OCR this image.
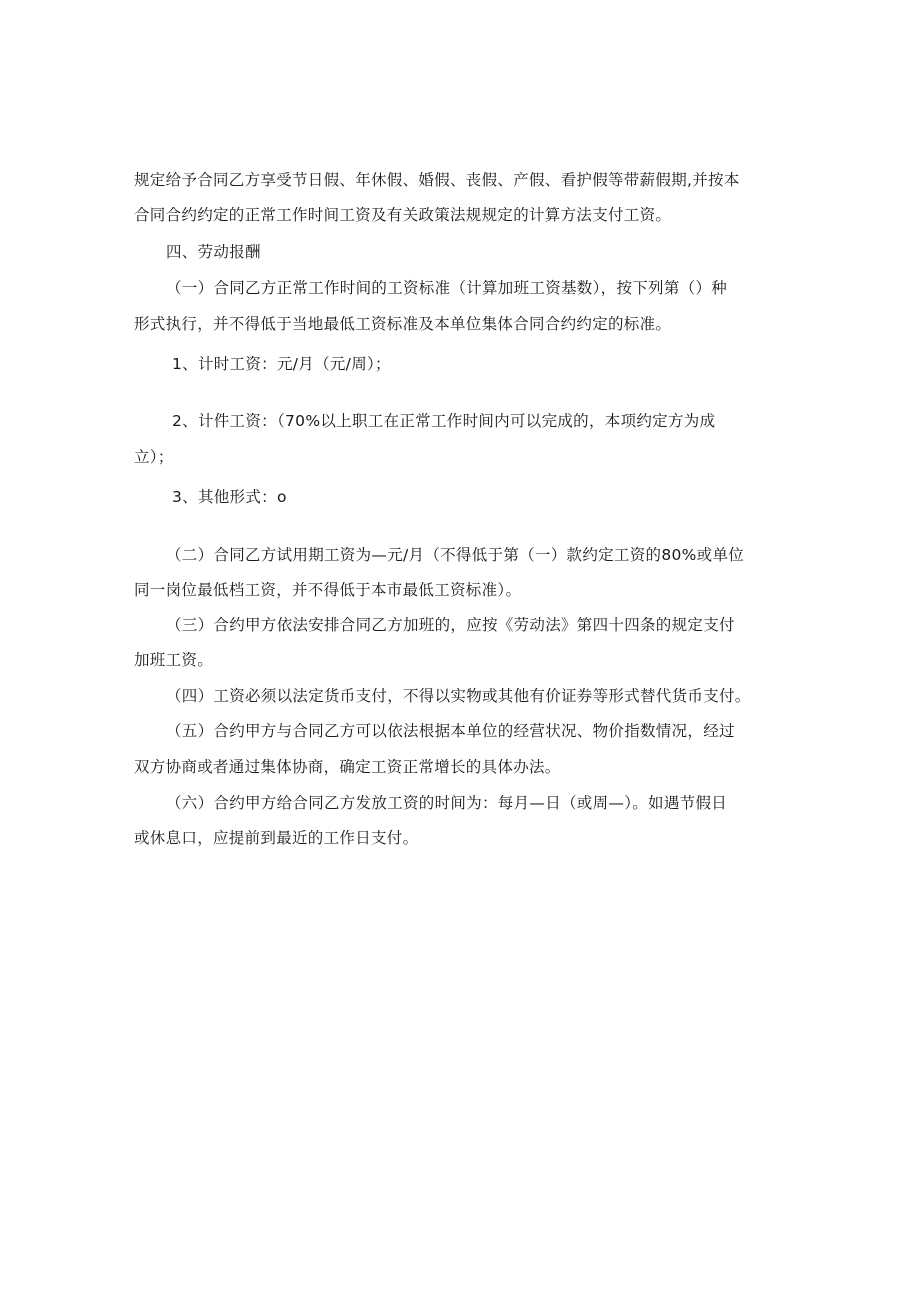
规定给予合同乙方享受节日假、年休假、婚假、丧假、产假、看护假等带薪假期,并按本
合同合约约定的正常工作时间工资及有关政策法规规定的计算方法支付工资。
四、劳动报酬
（一）合同乙方正常工作时间的工资标准（计算加班工资基数），按下列第（）种
形式执行，并不得低于当地最低工资标准及本单位集体合同合约约定的标准。
1、计时工资：元/月（元/周）；
2、计件工资：（70%以上职工在正常工作时间内可以完成的，本项约定方为成
立）；
3、其他形式：o
（二）合同乙方试用期工资为—元/月（不得低于第（一）款约定工资的80%或单位
同一岗位最低档工资，并不得低于本市最低工资标准）。
（三）合约甲方依法安排合同乙方加班的，应按《劳动法》第四十四条的规定支付
加班工资。
（四）工资必须以法定货币支付，不得以实物或其他有价证券等形式替代货币支付。
（五）合约甲方与合同乙方可以依法根据本单位的经营状况、物价指数情况，经过
双方协商或者通过集体协商，确定工资正常增长的具体办法。
（六）合约甲方给合同乙方发放工资的时间为：每月—日（或周—）。如遇节假日
或休息口，应提前到最近的工作日支付。
